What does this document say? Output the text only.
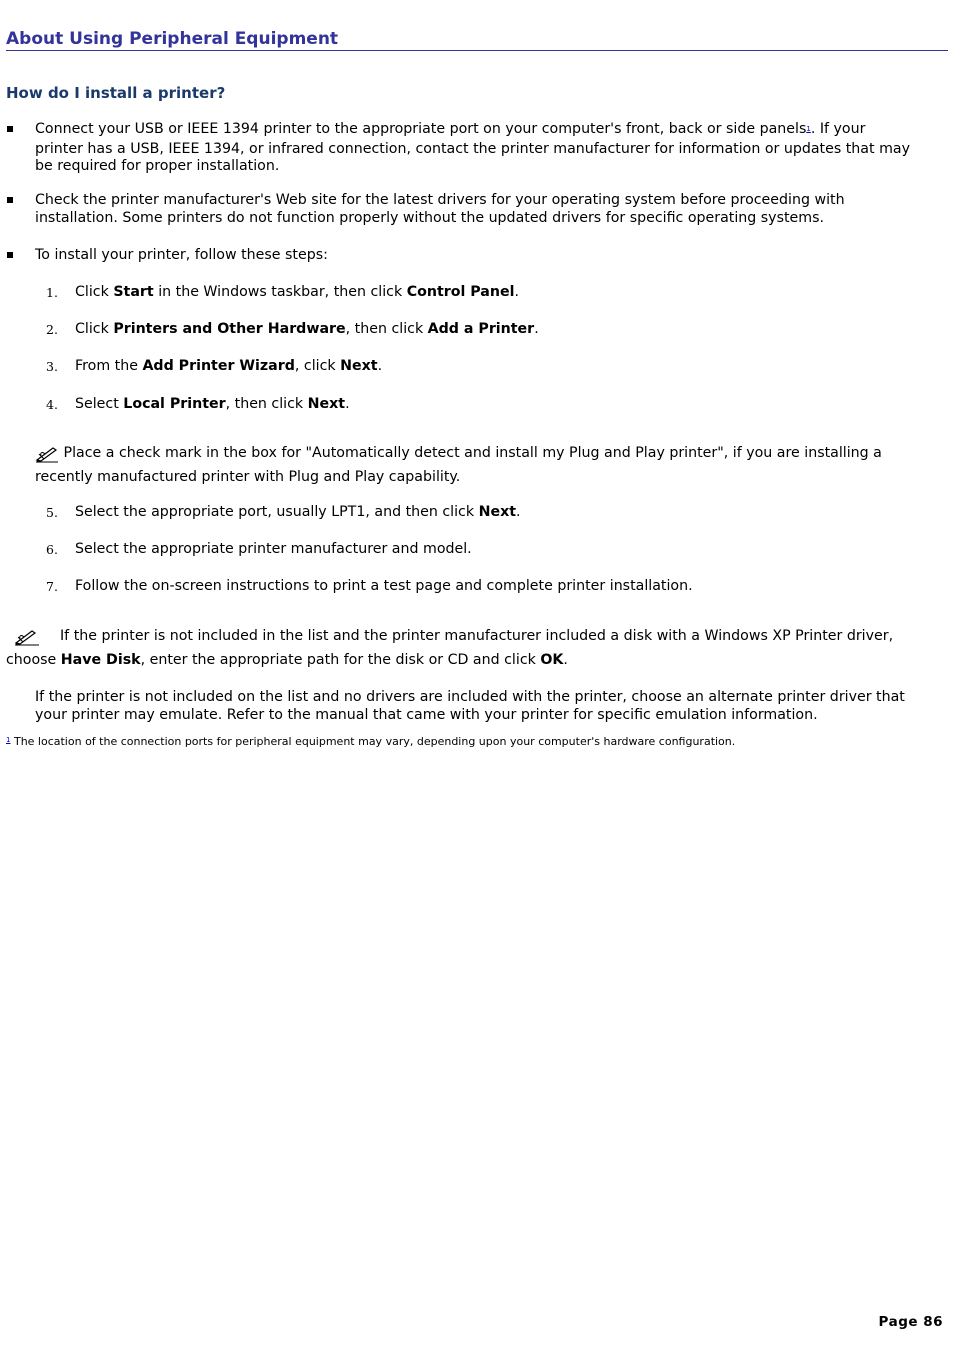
About Using Peripheral Equipment
How do I install a printer?

Connect your USB or IEEE 1394 printer to the appropriate port on your computer's front, back or side panels1. If your printer has a USB, IEEE 1394, or infrared connection, contact the printer manufacturer for information or updates that may be required for proper installation.

Check the printer manufacturer's Web site for the latest drivers for your operating system before proceeding with installation. Some printers do not function properly without the updated drivers for specific operating systems.

To install your printer, follow these steps:

1. Click Start in the Windows taskbar, then click Control Panel.
2. Click Printers and Other Hardware, then click Add a Printer.
3. From the Add Printer Wizard, click Next.
4. Select Local Printer, then click Next.

Place a check mark in the box for "Automatically detect and install my Plug and Play printer", if you are installing a recently manufactured printer with Plug and Play capability.

5. Select the appropriate port, usually LPT1, and then click Next.
6. Select the appropriate printer manufacturer and model.
7. Follow the on-screen instructions to print a test page and complete printer installation.

If the printer is not included in the list and the printer manufacturer included a disk with a Windows XP Printer driver, choose Have Disk, enter the appropriate path for the disk or CD and click OK.

If the printer is not included on the list and no drivers are included with the printer, choose an alternate printer driver that your printer may emulate. Refer to the manual that came with your printer for specific emulation information.

$^1$ The location of the connection ports for peripheral equipment may vary, depending upon your computer's hardware configuration.
Page 86
